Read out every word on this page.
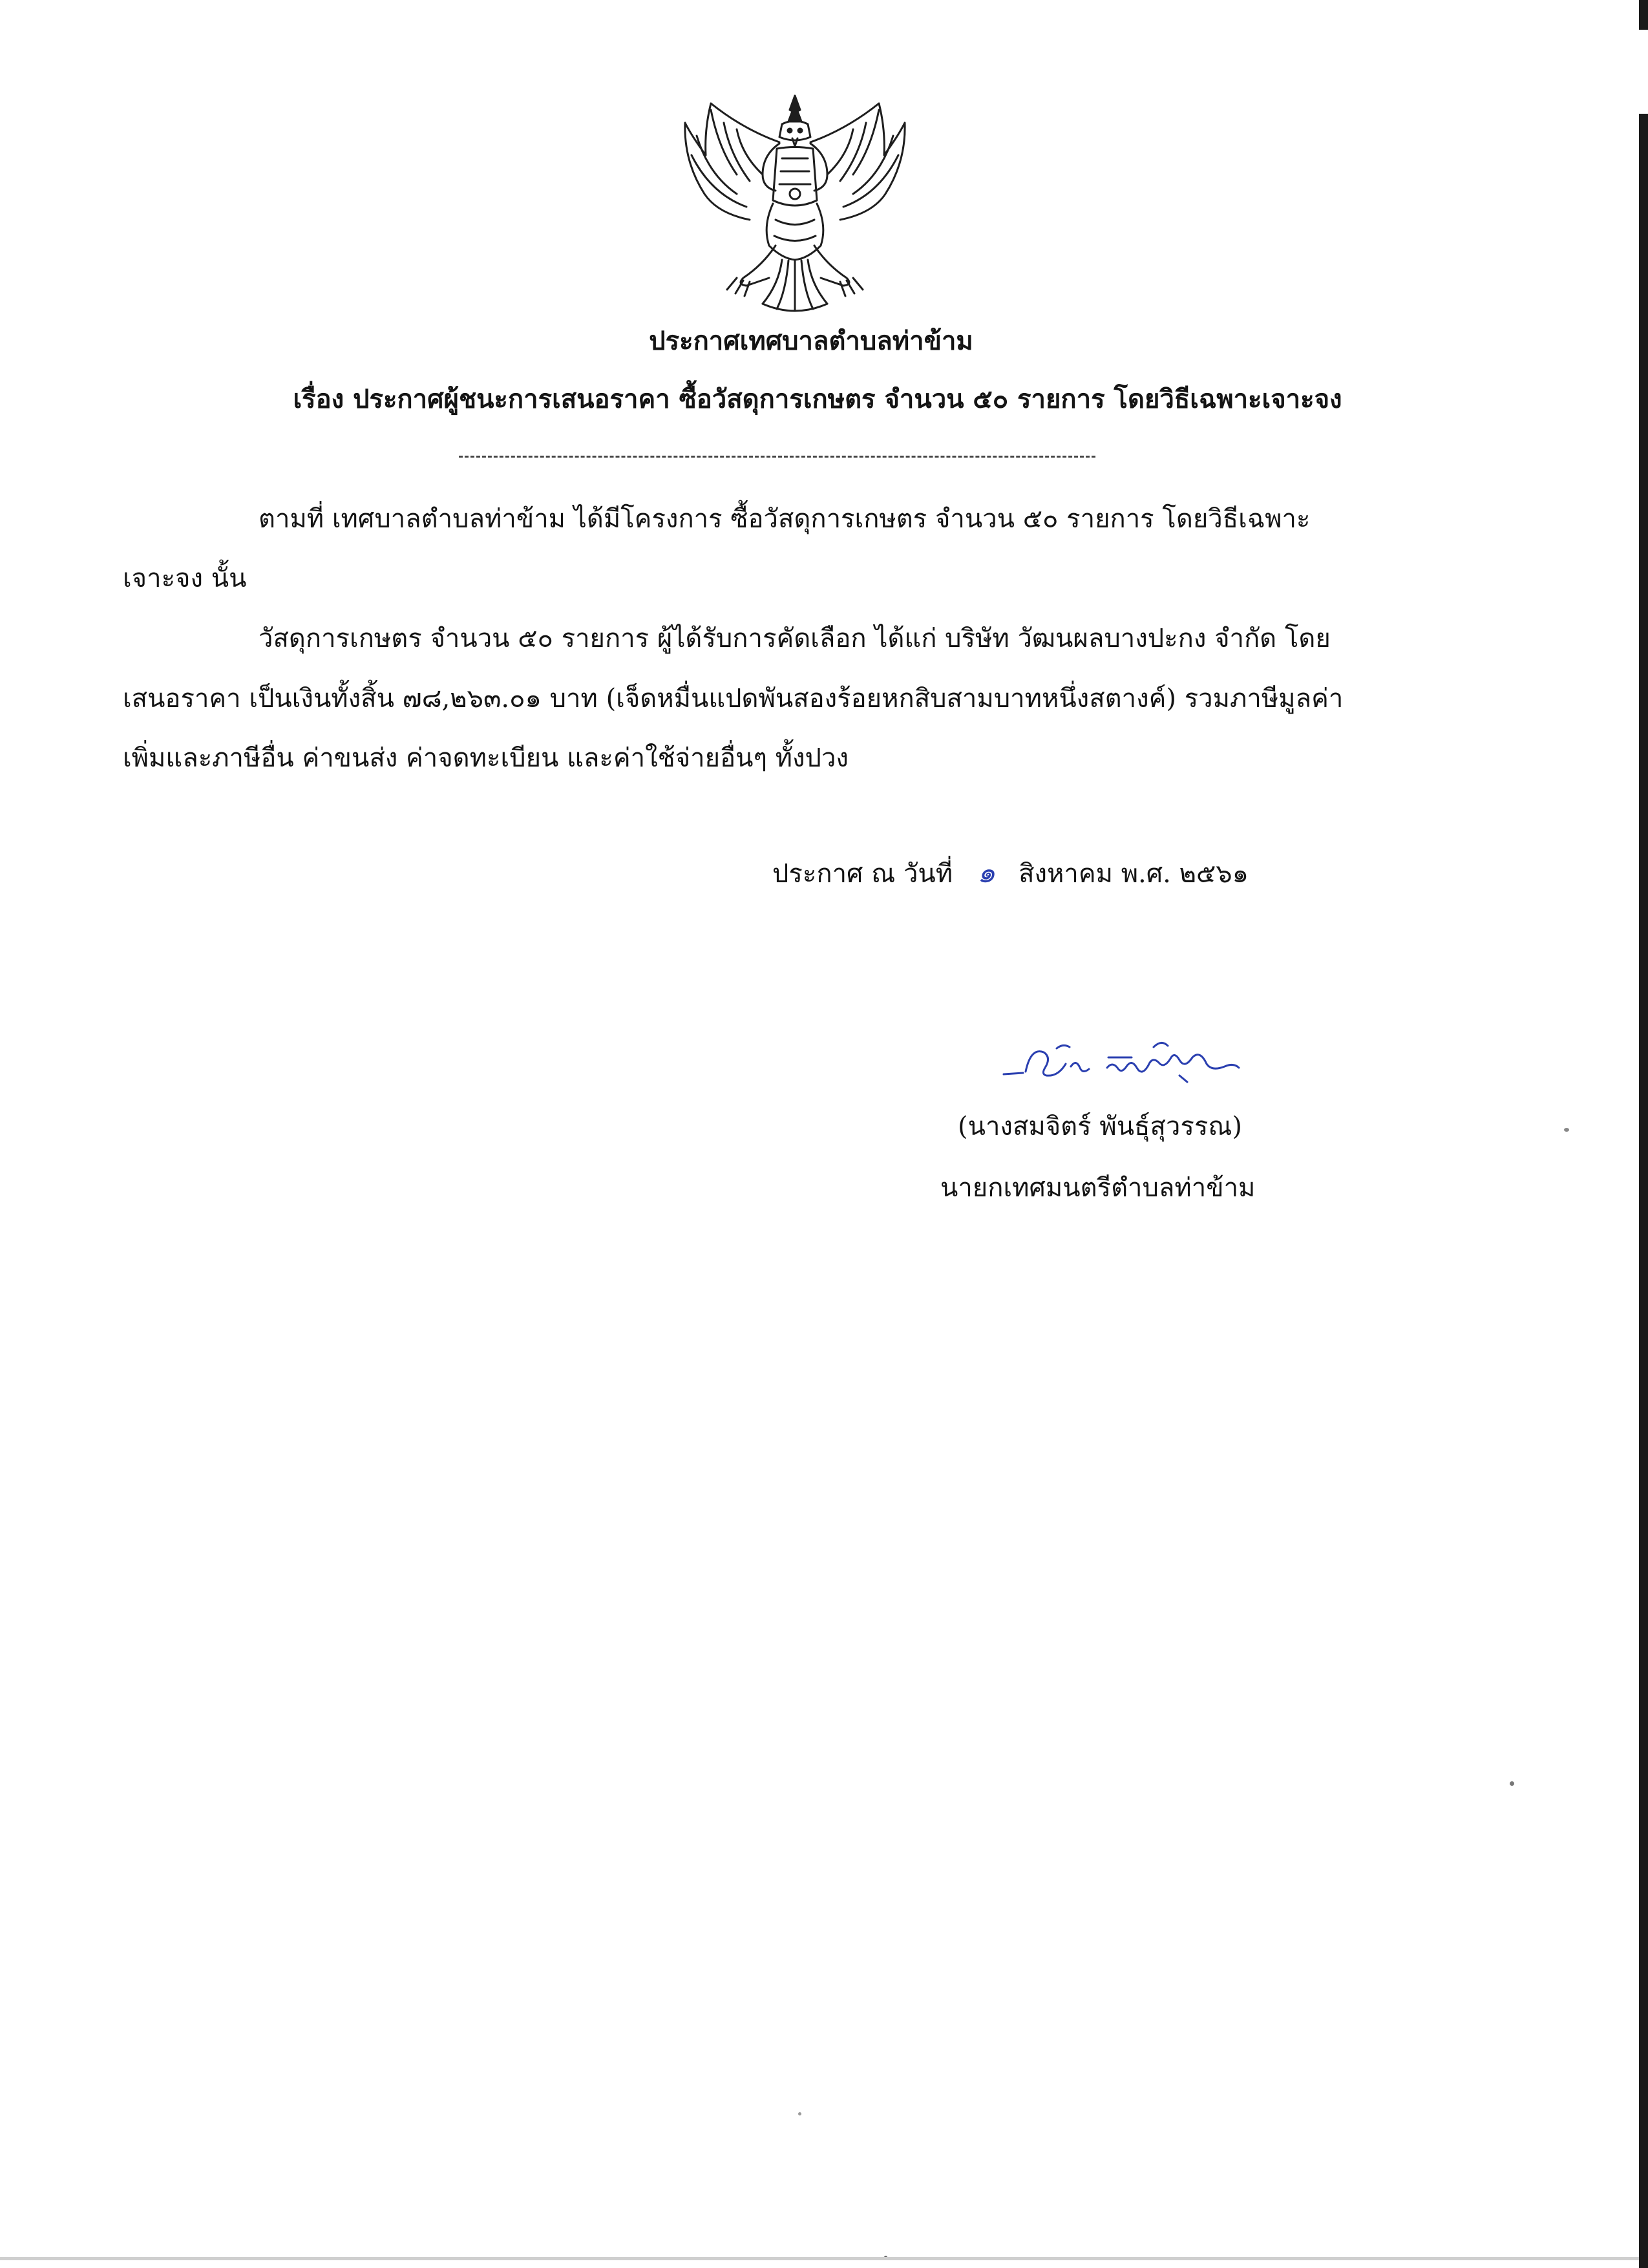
ประกาศเทศบาลตำบลท่าข้าม
เรื่อง ประกาศผู้ชนะการเสนอราคา ซื้อวัสดุการเกษตร จำนวน ๕๐ รายการ โดยวิธีเฉพาะเจาะจง
ตามที่ เทศบาลตำบลท่าข้าม ได้มีโครงการ ซื้อวัสดุการเกษตร จำนวน ๕๐ รายการ โดยวิธีเฉพาะ
เจาะจง นั้น
วัสดุการเกษตร จำนวน ๕๐ รายการ ผู้ได้รับการคัดเลือก ได้แก่ บริษัท วัฒนผลบางปะกง จำกัด โดย
เสนอราคา เป็นเงินทั้งสิ้น ๗๘,๒๖๓.๐๑ บาท (เจ็ดหมื่นแปดพันสองร้อยหกสิบสามบาทหนึ่งสตางค์) รวมภาษีมูลค่า
เพิ่มและภาษีอื่น ค่าขนส่ง ค่าจดทะเบียน และค่าใช้จ่ายอื่นๆ ทั้งปวง
ประกาศ ณ วันที่ ๑ สิงหาคม พ.ศ. ๒๕๖๑
(นางสมจิตร์ พันธุ์สุวรรณ)
นายกเทศมนตรีตำบลท่าข้าม
